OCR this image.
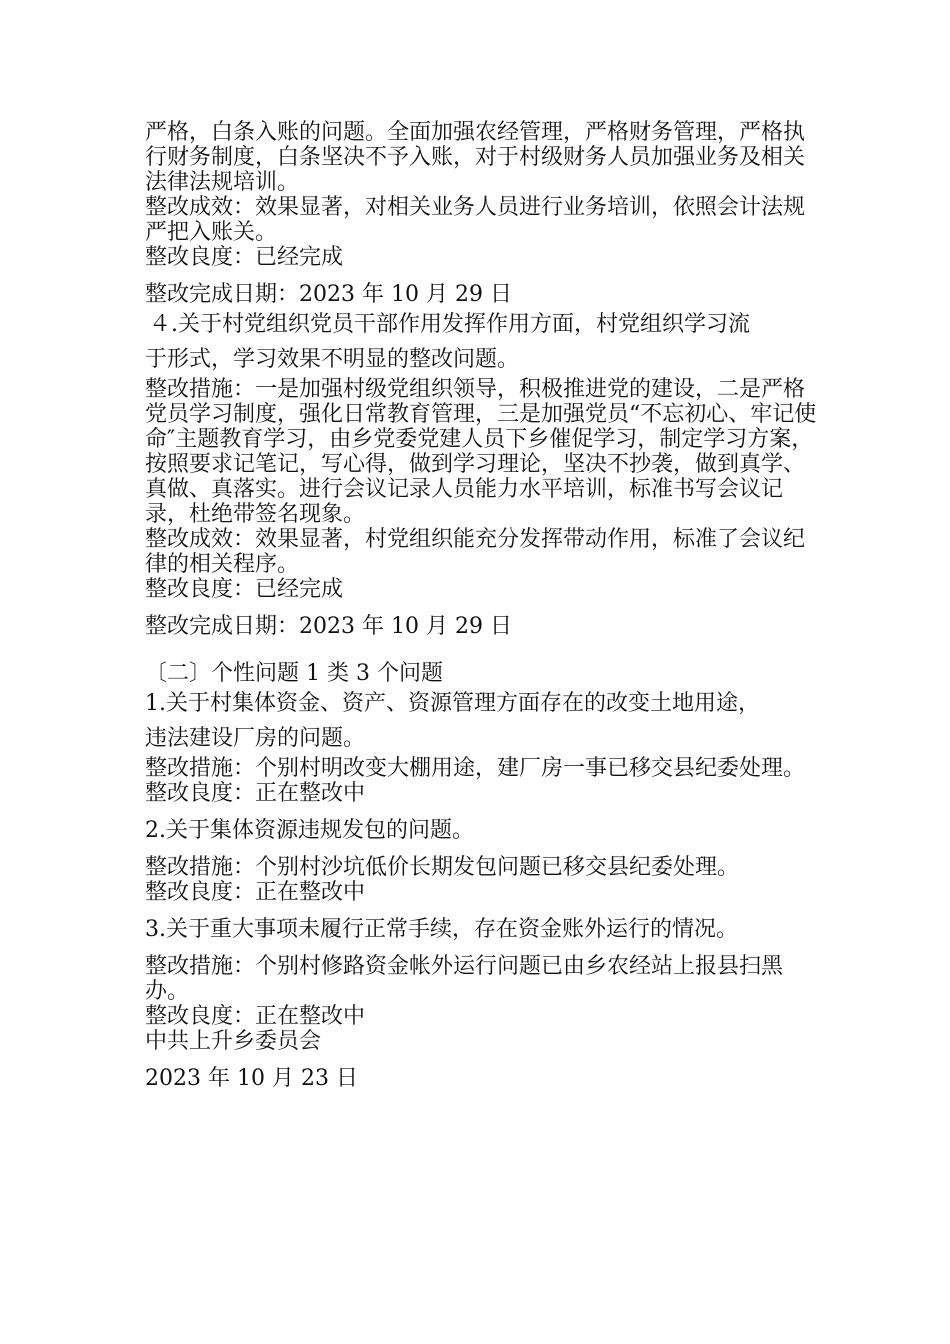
严格，白条入账的问题。全面加强农经管理，严格财务管理，严格执行财务制度，白条坚决不予入账，对于村级财务人员加强业务及相关法律法规培训。

整改成效：效果显著，对相关业务人员进行业务培训，依照会计法规严把入账关。

整改良度：已经完成

整改完成日期：2023 年 10 月 29 日

４.关于村党组织党员干部作用发挥作用方面，村党组织学习流

于形式，学习效果不明显的整改问题。

整改措施：一是加强村级党组织领导，积极推进党的建设，二是严格党员学习制度，强化日常教育管理，三是加强党员“不忘初心、牢记使命″主题教育学习，由乡党委党建人员下乡催促学习，制定学习方案，按照要求记笔记，写心得，做到学习理论，坚决不抄袭，做到真学、真做、真落实。进行会议记录人员能力水平培训，标准书写会议记录，杜绝带签名现象。

整改成效：效果显著，村党组织能充分发挥带动作用，标准了会议纪律的相关程序。

整改良度：已经完成

整改完成日期：2023 年 10 月 29 日

〔二〕个性问题 1 类 3 个问题

1.关于村集体资金、资产、资源管理方面存在的改变土地用途，

违法建设厂房的问题。

整改措施：个别村明改变大棚用途，建厂房一事已移交县纪委处理。

整改良度：正在整改中

2.关于集体资源违规发包的问题。

整改措施：个别村沙坑低价长期发包问题已移交县纪委处理。

整改良度：正在整改中

3.关于重大事项未履行正常手续，存在资金账外运行的情况。

整改措施：个别村修路资金帐外运行问题已由乡农经站上报县扫黑办。

整改良度：正在整改中

中共上升乡委员会

2023 年 10 月 23 日
